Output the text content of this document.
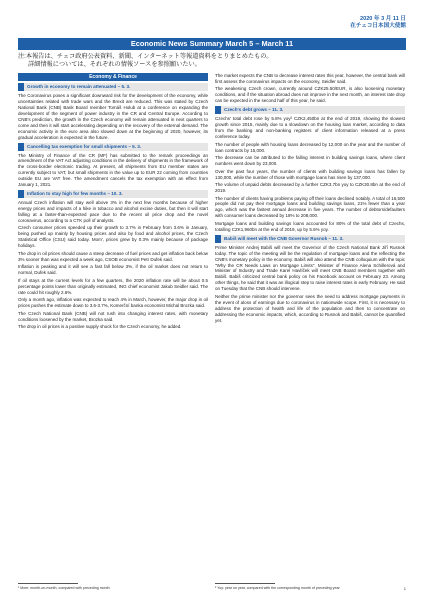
2020 年 3 月 11 日
在チェコ日本国大使館
Economic News Summary March 5 – March 11
注:本報告は、チェコ政府公表資料、新聞、インターネット等報道資料をとりまとめたもの。
詳細情報については、それぞれの情報ソースを参照願いたい。
Economy & Finance
Growth in economy to remain attenuated – 5. 3.

The Coronavirus poses a significant downward risk for the development of the economy, while uncertainties related with trade wars and the Brexit are reduced. This was stated by Czech National Bank (CNB) Bank Board member Tomáš Holub at a conference on expanding the development of the segment of power industry in the CR and Central Europe. According to CNB's prediction, the growth in the Czech economy will remain attenuated in next quarters to come and then it will start accelerating depending on the recovery of the external demand. The economic activity in the euro area also slowed down at the beginning of 2020, however, its gradual acceleration is expected in the future.

Cancelling tax exemption for small shipments – 5. 3.

The Ministry of Finance of the CR (MF) has submitted to the remark proceedings an amendment of the VAT Act adjusting conditions in the delivery of shipments in the framework of the cross-border electronic trading. At present, all shipments from EU member states are currently subject to VAT, but small shipments in the value up to EUR 22 coming from countries outside EU are VAT free. The amendment cancels the tax exemption with an effect from January 1, 2021.

Inflation to stay high for few months – 10. 3.

Annual Czech inflation will stay well above 3% in the next few months because of higher energy prices and impacts of a hike in tobacco and alcohol excise duties, but then it will start falling at a faster-than-expected pace due to the recent oil price drop and the novel coronavirus, according to a CTK poll of analysts.

Czech consumer prices speeded up their growth to 3.7% in February from 3.6% in January, being pushed up mainly by housing prices and also by food and alcohol prices, the Czech Statistical Office (CSU) said today. Mom', prices grew by 0.3% mainly because of package holidays.

The drop in oil prices should cause a steep decrease of fuel prices and get inflation back below 3% sooner than was expected a week ago, CSOB economist Petr Dufek said.

Inflation is peaking and it will see a fast fall below 3%, if the oil market does not return to normal, Dufek said.

If oil stays at the current levels for a few quarters, the 2020 inflation rate will be about 0.5 percentage points lower than originally estimated, ING chief economist Jakub Seidler said. The rate could hit roughly 2.6%.

Only a month ago, inflation was expected to reach 4% in March, however, the major drop in oil prices pushes the estimate down to 3.6-3.7%, Komerční banka economist Michal Brozka said.

The Czech National Bank (CNB) will not rush into changing interest rates, with monetary conditions loosened by the market, Brozka said.

The drop in oil prices is a positive supply shock for the Czech economy, he added.

The market expects the CNB to decrease interest rates this year, however, the central bank will first assess the coronavirus impacts on the economy, Seidler said.

The weakening Czech crown, currently around CZK25.50/EUR, is also loosening monetary conditions, and if the situation abroad does not improve in the next month, an interest rate drop can be expected in the second half of this year, he said.

Czech's debt grows – 11. 3.

Czechs' total debt rose by 5.8% yoy² CZK2,450bn at the end of 2019, showing the slowest growth since 2015, mainly due to a slowdown on the housing loan market, according to data from the banking and non-banking registers of client information released at a press conference today.

The number of people with housing loans decreased by 12,000 on the year and the number of loan contracts by 15,000.

The decrease can be attributed to the falling interest in building savings loans, where client numbers went down by 23,000.

Over the past four years, the number of clients with building savings loans has fallen by 130,000, while the number of those with mortgage loans has risen by 137,000.

The volume of unpaid debts decreased by a further CZK3.7bn yoy to CZK30.8bn at the end of 2019.

The number of clients having problems paying off their loans declined notably. A total of 16,500 people did not pay their mortgage loans and building savings loans, 21% fewer than a year ago, which was the fastest annual decrease in five years. The number of debtors/defaulters with consumer loans decreased by 18% to 208,000.

Mortgage loans and building savings loans accounted for 80% of the total debt of Czechs, totalling CZK1,960bn at the end of 2019, up by 5.6% yoy.

Babiš will meet with the CNB Governor Rusnok – 11. 3.

Prime Minister Andrej Babiš will meet the Governor of the Czech National Bank Jiří Rusnok today. The topic of the meeting will be the regulation of mortgage loans and the reflecting the CNB's monetary policy in the economy. Babiš will also attend the CNB colloquium with the topic "Why the CR Needs Laws on Mortgage Limits". Minister of Finance Alena Schillerová and Minister of Industry and Trade Karel Havlíček will meet CNB Board members together with Babiš. Babiš criticized central bank policy on his Facebook account on February 23. Among other things, he said that it was an illogical step to raise interest rates in early February. He said on Tuesday that the CNB should intervene.

Neither the prime minister nor the governor sees the need to address mortgage payments in the event of aloss of earnings due to coronavirus in nationwide scope. First, it is necessary to address the protection of health and life of the population and then to concentrate on addressing the economic impacts, which, according to Rusnok and Babiš, cannot be quantified yet.

¹ Mom: month-on-month, compared with preceding month	² Yoy: year on year, compared with the corresponding month of preceding year	1
